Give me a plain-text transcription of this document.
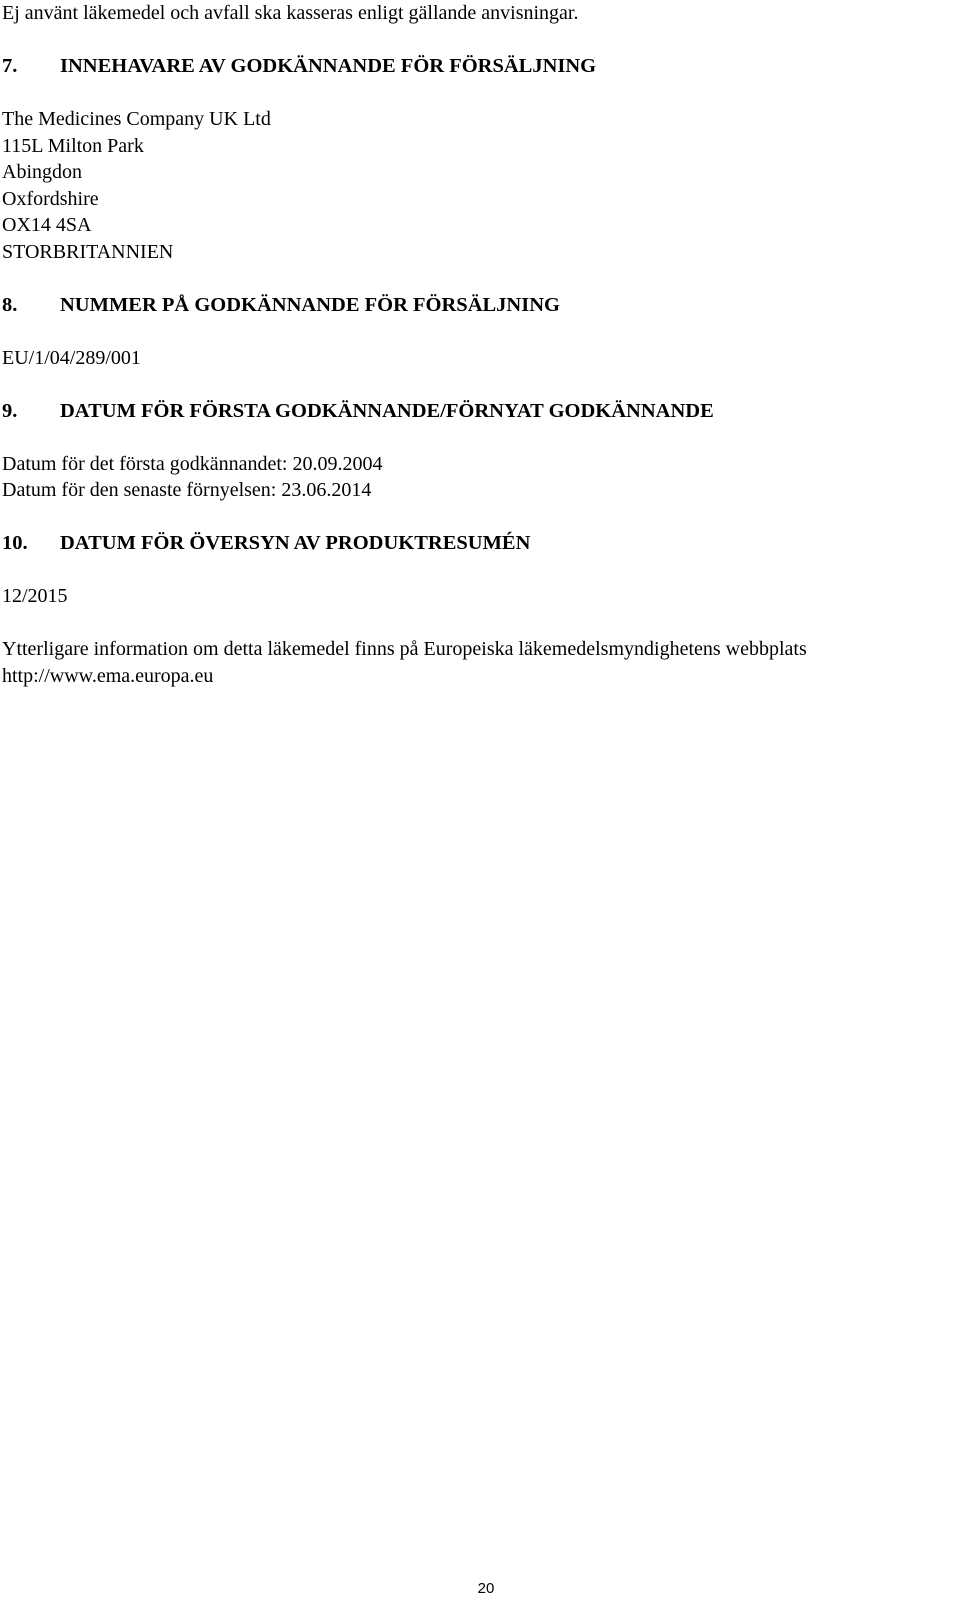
Ej använt läkemedel och avfall ska kasseras enligt gällande anvisningar.
7. INNEHAVARE AV GODKÄNNANDE FÖR FÖRSÄLJNING
The Medicines Company UK Ltd
115L Milton Park
Abingdon
Oxfordshire
OX14 4SA
STORBRITANNIEN
8. NUMMER PÅ GODKÄNNANDE FÖR FÖRSÄLJNING
EU/1/04/289/001
9. DATUM FÖR FÖRSTA GODKÄNNANDE/FÖRNYAT GODKÄNNANDE
Datum för det första godkännandet: 20.09.2004
Datum för den senaste förnyelsen: 23.06.2014
10. DATUM FÖR ÖVERSYN AV PRODUKTRESUMÉN
12/2015
Ytterligare information om detta läkemedel finns på Europeiska läkemedelsmyndighetens webbplats
http://www.ema.europa.eu
20
